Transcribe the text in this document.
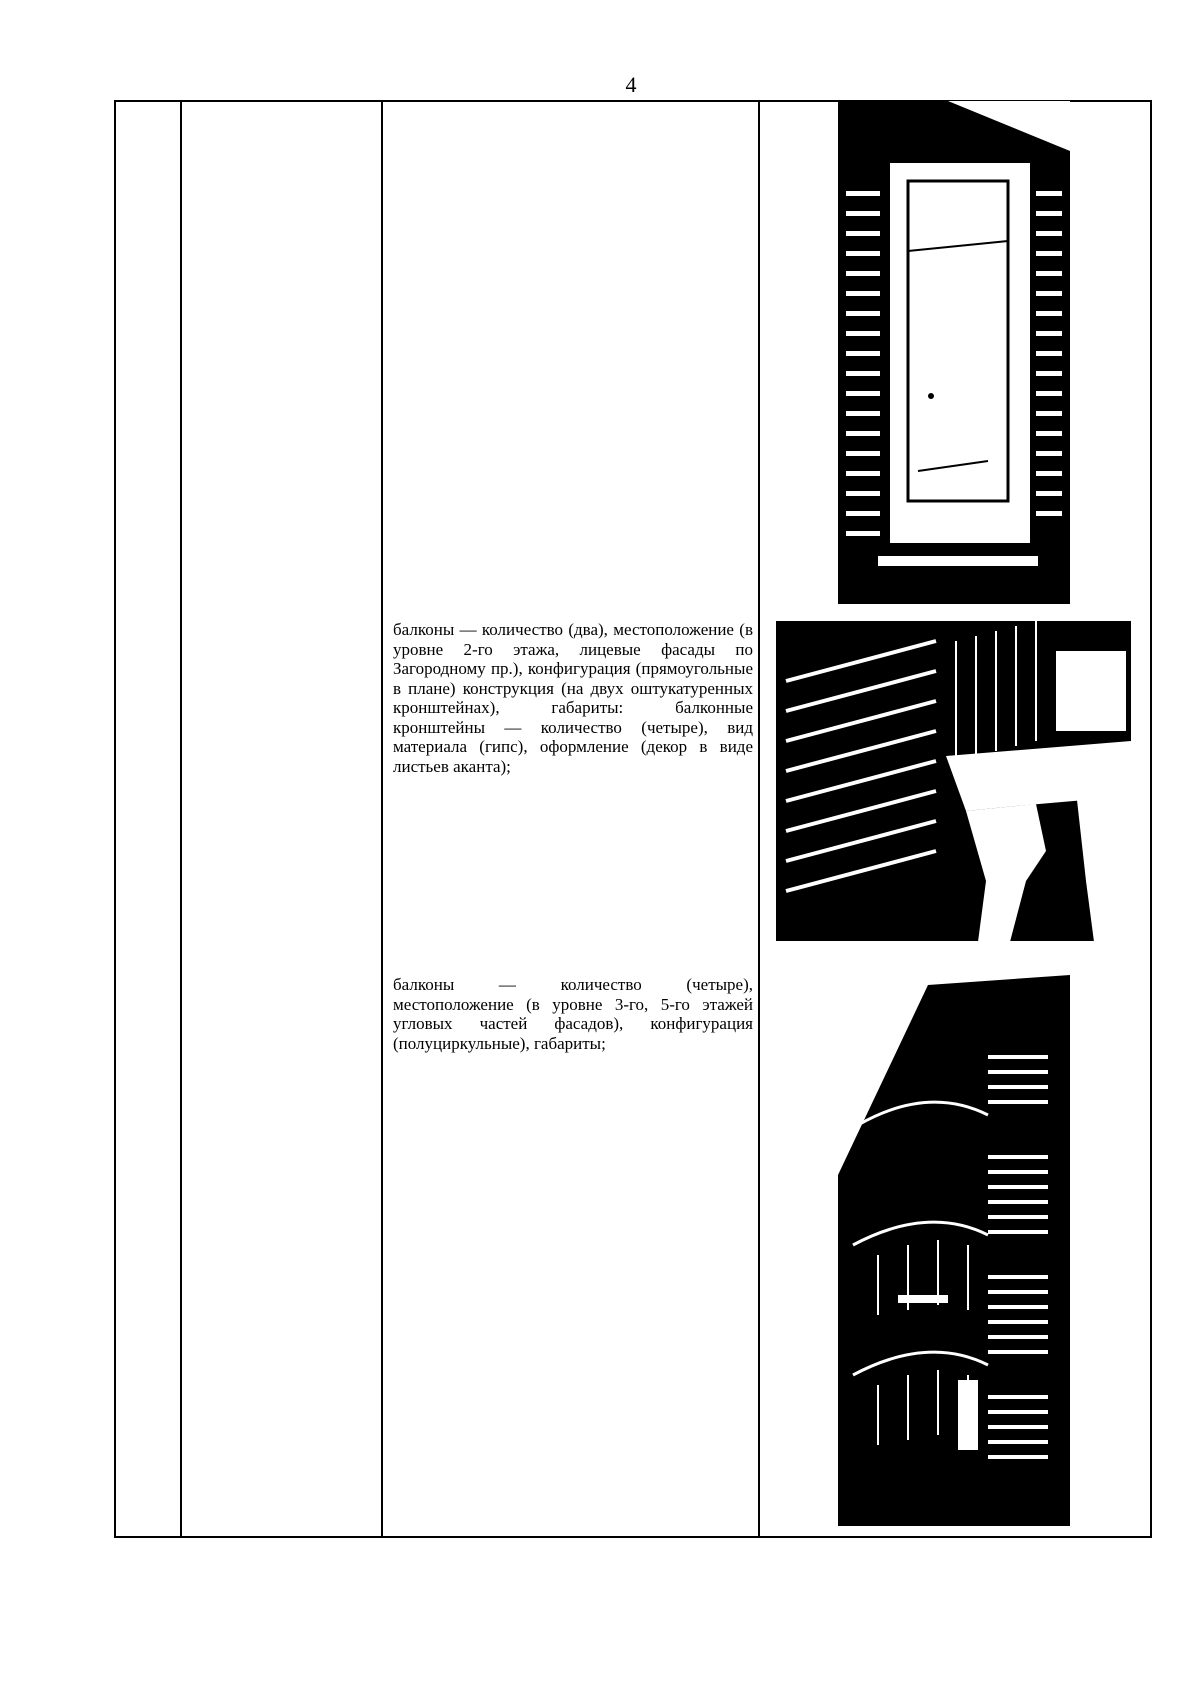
4
балконы — количество (два), местоположение (в уровне 2-го этажа, лицевые фасады по Загородному пр.), конфигурация (прямоугольные в плане) конструкция (на двух оштукатуренных кронштейнах), габариты: балконные кронштейны — количество (четыре), вид материала (гипс), оформление (декор в виде листьев аканта);
балконы — количество (четыре), местоположение (в уровне 3-го, 5-го этажей угловых частей фасадов), конфигурация (полуциркульные), габариты;
